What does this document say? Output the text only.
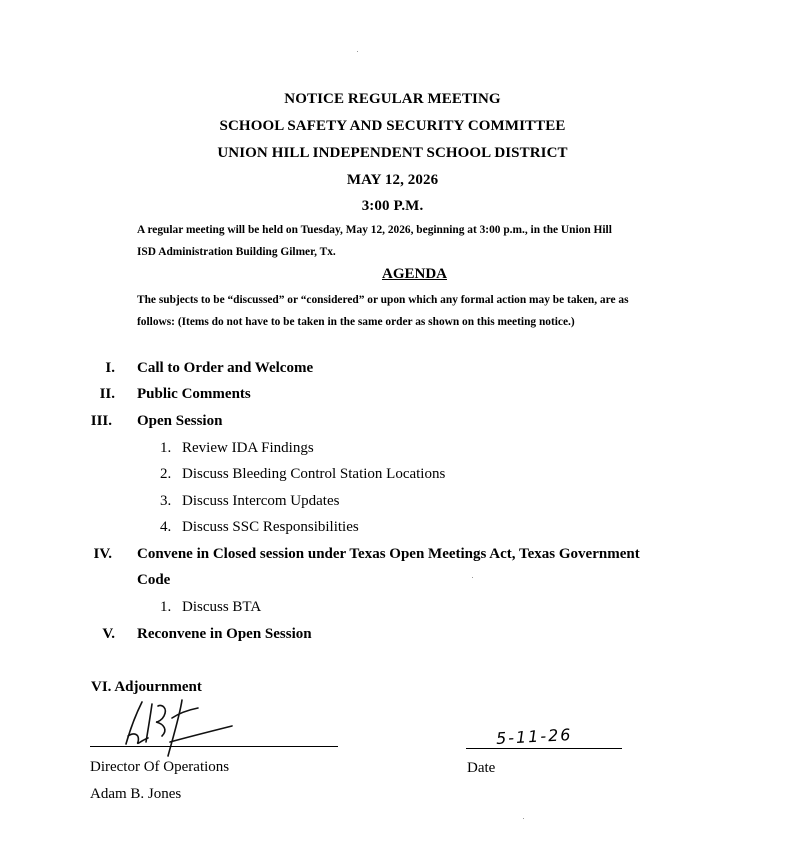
NOTICE REGULAR MEETING
SCHOOL SAFETY AND SECURITY COMMITTEE
UNION HILL INDEPENDENT SCHOOL DISTRICT
MAY 12, 2026
3:00 P.M.
A regular meeting will be held on Tuesday, May 12, 2026, beginning at 3:00 p.m., in the Union Hill
ISD Administration Building Gilmer, Tx.
AGENDA
The subjects to be “discussed” or “considered” or upon which any formal action may be taken, are as
follows: (Items do not have to be taken in the same order as shown on this meeting notice.)
I. Call to Order and Welcome
II. Public Comments
III. Open Session
1. Review IDA Findings
2. Discuss Bleeding Control Station Locations
3. Discuss Intercom Updates
4. Discuss SSC Responsibilities
IV. Convene in Closed session under Texas Open Meetings Act, Texas Government
Code
1. Discuss BTA
V. Reconvene in Open Session
VI. Adjournment
5-11-26
Director Of Operations	Date
Adam B. Jones
